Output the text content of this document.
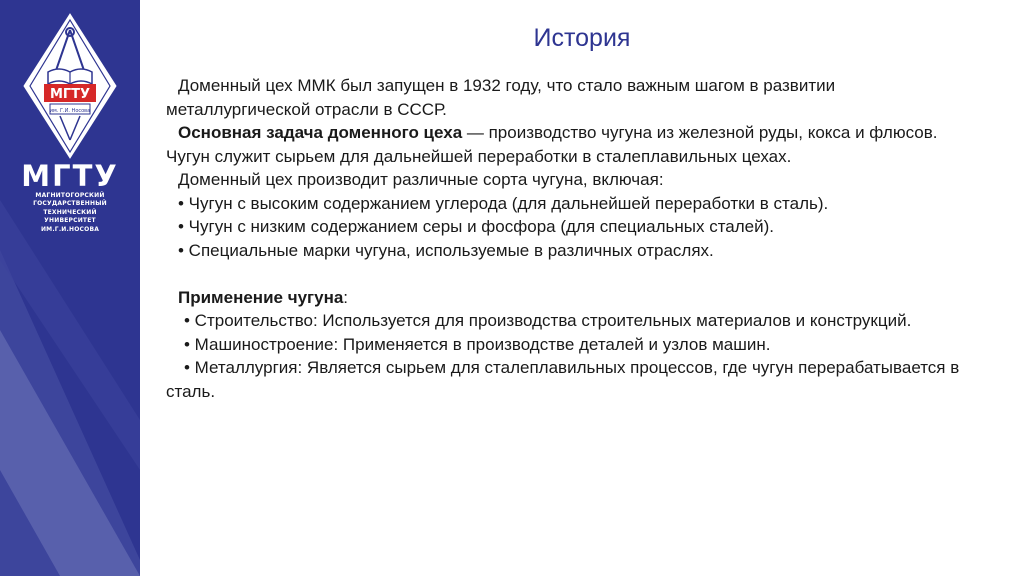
МГТУ
им. Г.И. Носова
МГТУ
МАГНИТОГОРСКИЙ
ГОСУДАРСТВЕННЫЙ
ТЕХНИЧЕСКИЙ
УНИВЕРСИТЕТ
ИМ.Г.И.НОСОВА
История

Доменный цех ММК был запущен в 1932 году, что стало важным шагом в развитии металлургической отрасли в СССР.

Основная задача доменного цеха — производство чугуна из железной руды, кокса и флюсов. Чугун служит сырьем для дальнейшей переработки в сталеплавильных цехах.

Доменный цех производит различные сорта чугуна, включая:

• Чугун с высоким содержанием углерода (для дальнейшей переработки в сталь).

• Чугун с низким содержанием серы и фосфора (для специальных сталей).

• Специальные марки чугуна, используемые в различных отраслях.

Применение чугуна:

• Строительство: Используется для производства строительных материалов и конструкций.

• Машиностроение: Применяется в производстве деталей и узлов машин.

• Металлургия: Является сырьем для сталеплавильных процессов, где чугун перерабатывается в сталь.
